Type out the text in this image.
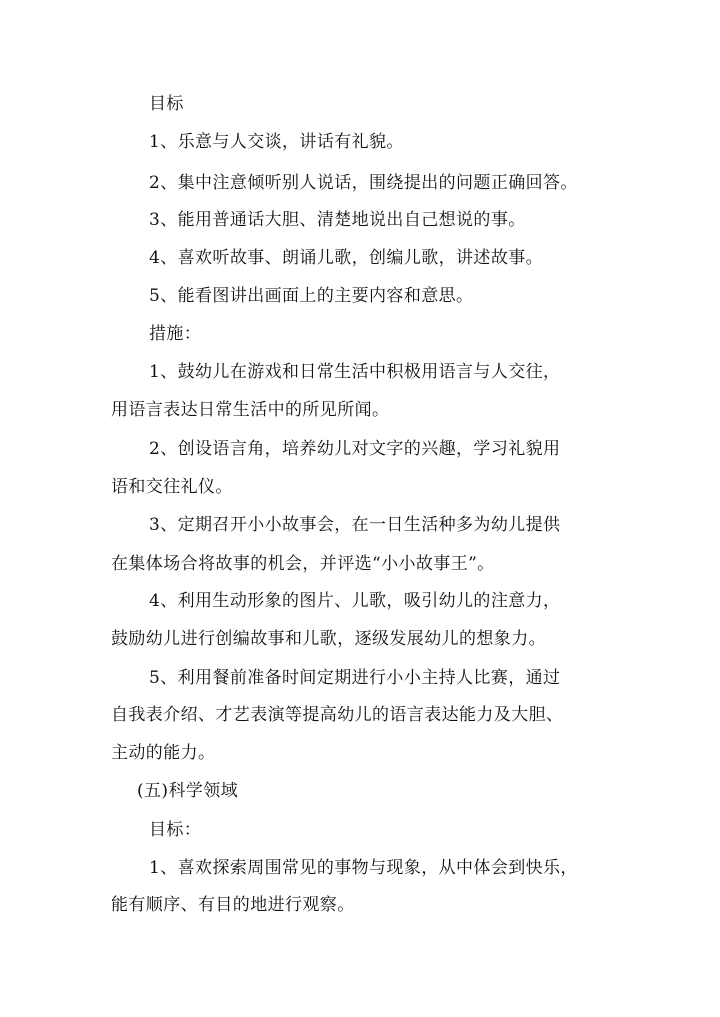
目标
1、乐意与人交谈，讲话有礼貌。
2、集中注意倾听别人说话，围绕提出的问题正确回答。
3、能用普通话大胆、清楚地说出自己想说的事。
4、喜欢听故事、朗诵儿歌，创编儿歌，讲述故事。
5、能看图讲出画面上的主要内容和意思。
措施：
1、鼓幼儿在游戏和日常生活中积极用语言与人交往，
用语言表达日常生活中的所见所闻。
2、创设语言角，培养幼儿对文字的兴趣，学习礼貌用
语和交往礼仪。
3、定期召开小小故事会，在一日生活种多为幼儿提供
在集体场合将故事的机会，并评选“小小故事王”。
4、利用生动形象的图片、儿歌，吸引幼儿的注意力，
鼓励幼儿进行创编故事和儿歌，逐级发展幼儿的想象力。
5、利用餐前准备时间定期进行小小主持人比赛，通过
自我表介绍、才艺表演等提高幼儿的语言表达能力及大胆、
主动的能力。
(五)科学领域
目标：
1、喜欢探索周围常见的事物与现象，从中体会到快乐，
能有顺序、有目的地进行观察。
